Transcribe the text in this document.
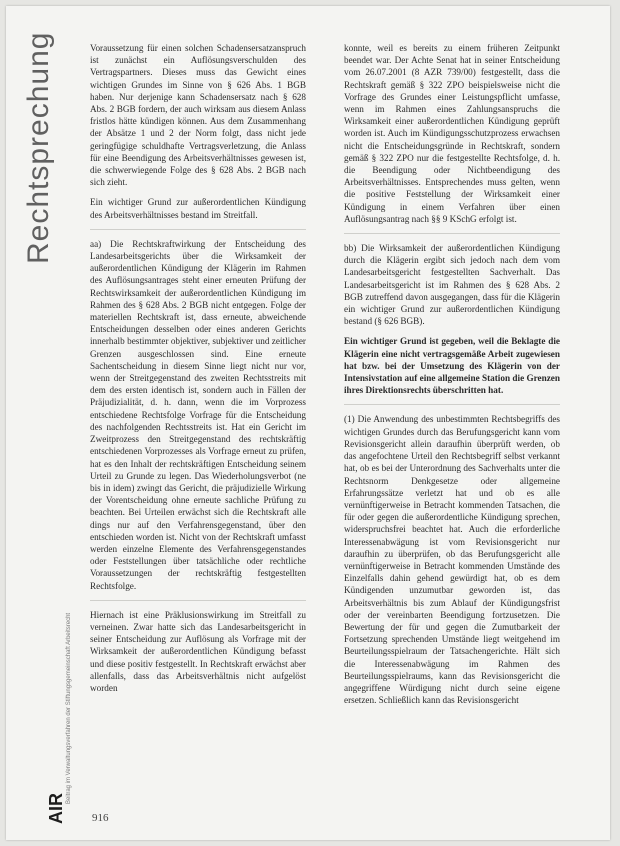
Rechtsprechung
Beitrag im Verwaltungsverfahren der Stiftungsgemeinschaft Arbeitsrecht
AIR

Voraussetzung für einen solchen Schadensersatzanspruch ist zunächst ein Auflösungsverschulden des Vertragspartners. Dieses muss das Gewicht eines wichtigen Grundes im Sinne von § 626 Abs. 1 BGB haben. Nur derjenige kann Schadensersatz nach § 628 Abs. 2 BGB fordern, der auch wirksam aus diesem Anlass fristlos hätte kündigen können. Aus dem Zusammenhang der Absätze 1 und 2 der Norm folgt, dass nicht jede geringfügige schuldhafte Vertragsverletzung, die Anlass für eine Beendigung des Arbeitsverhältnisses gewesen ist, die schwerwiegende Folge des § 628 Abs. 2 BGB nach sich zieht.

Ein wichtiger Grund zur außerordentlichen Kündigung des Arbeitsverhältnisses bestand im Streitfall.

aa) Die Rechtskraftwirkung der Entscheidung des Landesarbeitsgerichts über die Wirksamkeit der außerordentlichen Kündigung der Klägerin im Rahmen des Auflösungsantrages steht einer erneuten Prüfung der Rechtswirksamkeit der außerordentlichen Kündigung im Rahmen des § 628 Abs. 2 BGB nicht entgegen. Folge der materiellen Rechtskraft ist, dass erneute, abweichende Entscheidungen desselben oder eines anderen Gerichts innerhalb bestimmter objektiver, subjektiver und zeitlicher Grenzen ausgeschlossen sind. Eine erneute Sachentscheidung in diesem Sinne liegt nicht nur vor, wenn der Streitgegenstand des zweiten Rechtsstreits mit dem des ersten identisch ist, sondern auch in Fällen der Präjudizialität, d. h. dann, wenn die im Vorprozess entschiedene Rechtsfolge Vorfrage für die Entscheidung des nachfolgenden Rechtsstreits ist. Hat ein Gericht im Zweitprozess den Streitgegenstand des rechtskräftig entschiedenen Vorprozesses als Vorfrage erneut zu prüfen, hat es den Inhalt der rechtskräftigen Entscheidung seinem Urteil zu Grunde zu legen. Das Wiederholungsverbot (ne bis in idem) zwingt das Gericht, die präjudizielle Wirkung der Vorentscheidung ohne erneute sachliche Prüfung zu beachten. Bei Urteilen erwächst sich die Rechtskraft alle dings nur auf den Verfahrensgegenstand, über den entschieden worden ist. Nicht von der Rechtskraft umfasst werden einzelne Elemente des Verfahrensgegenstandes oder Feststellungen über tatsächliche oder rechtliche Voraussetzungen der rechtskräftig festgestellten Rechtsfolge.

Hiernach ist eine Präklusionswirkung im Streitfall zu verneinen. Zwar hatte sich das Landesarbeitsgericht in seiner Entscheidung zur Auflösung als Vorfrage mit der Wirksamkeit der außerordentlichen Kündigung befasst und diese positiv festgestellt. In Rechtskraft erwächst aber allenfalls, dass das Arbeitsverhältnis nicht aufgelöst worden

konnte, weil es bereits zu einem früheren Zeitpunkt beendet war. Der Achte Senat hat in seiner Entscheidung vom 26.07.2001 (8 AZR 739/00) festgestellt, dass die Rechtskraft gemäß § 322 ZPO beispielsweise nicht die Vorfrage des Grundes einer Leistungspflicht umfasse, wenn im Rahmen eines Zahlungsanspruchs die Wirksamkeit einer außerordentlichen Kündigung geprüft worden ist. Auch im Kündigungsschutzprozess erwachsen nicht die Entscheidungsgründe in Rechtskraft, sondern gemäß § 322 ZPO nur die festgestellte Rechtsfolge, d. h. die Beendigung oder Nichtbeendigung des Arbeitsverhältnisses. Entsprechendes muss gelten, wenn die positive Feststellung der Wirksamkeit einer Kündigung in einem Verfahren über einen Auflösungsantrag nach §§ 9 KSchG erfolgt ist.

bb) Die Wirksamkeit der außerordentlichen Kündigung durch die Klägerin ergibt sich jedoch nach dem vom Landesarbeitsgericht festgestellten Sachverhalt. Das Landesarbeitsgericht ist im Rahmen des § 628 Abs. 2 BGB zutreffend davon ausgegangen, dass für die Klägerin ein wichtiger Grund zur außerordentlichen Kündigung bestand (§ 626 BGB).

Ein wichtiger Grund ist gegeben, weil die Beklagte die Klägerin eine nicht vertragsgemäße Arbeit zugewiesen hat bzw. bei der Umsetzung des Klägerin von der Intensivstation auf eine allgemeine Station die Grenzen ihres Direktionsrechts überschritten hat.

(1) Die Anwendung des unbestimmten Rechtsbegriffs des wichtigen Grundes durch das Berufungsgericht kann vom Revisionsgericht allein daraufhin überprüft werden, ob das angefochtene Urteil den Rechtsbegriff selbst verkannt hat, ob es bei der Unterordnung des Sachverhalts unter die Rechtsnorm Denkgesetze oder allgemeine Erfahrungssätze verletzt hat und ob es alle vernünftigerweise in Betracht kommenden Tatsachen, die für oder gegen die außerordentliche Kündigung sprechen, widerspruchsfrei beachtet hat. Auch die erforderliche Interessenabwägung ist vom Revisionsgericht nur daraufhin zu überprüfen, ob das Berufungsgericht alle vernünftigerweise in Betracht kommenden Umstände des Einzelfalls dahin gehend gewürdigt hat, ob es dem Kündigenden unzumutbar geworden ist, das Arbeitsverhältnis bis zum Ablauf der Kündigungsfrist oder der vereinbarten Beendigung fortzusetzen. Die Bewertung der für und gegen die Zumutbarkeit der Fortsetzung sprechenden Umstände liegt weitgehend im Beurteilungsspielraum der Tatsachengerichte. Hält sich die Interessenabwägung im Rahmen des Beurteilungsspielraums, kann das Revisionsgericht die angegriffene Würdigung nicht durch seine eigene ersetzen. Schließlich kann das Revisionsgericht

916
